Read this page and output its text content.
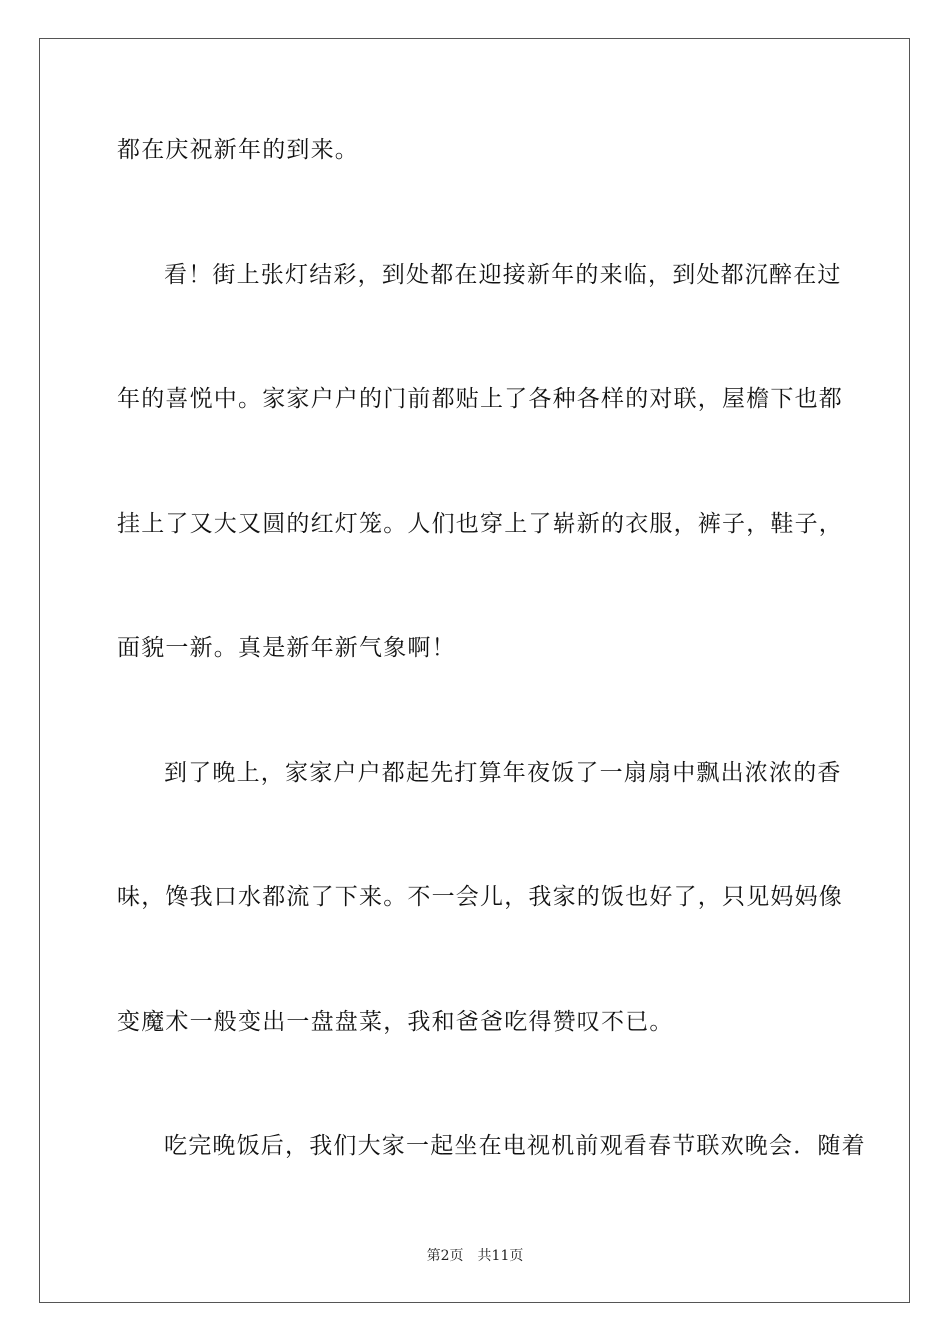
都在庆祝新年的到来。
看！街上张灯结彩，到处都在迎接新年的来临，到处都沉醉在过
年的喜悦中。家家户户的门前都贴上了各种各样的对联，屋檐下也都
挂上了又大又圆的红灯笼。人们也穿上了崭新的衣服，裤子，鞋子，
面貌一新。真是新年新气象啊！
到了晚上，家家户户都起先打算年夜饭了一扇扇中飘出浓浓的香
味，馋我口水都流了下来。不一会儿，我家的饭也好了，只见妈妈像
变魔术一般变出一盘盘菜，我和爸爸吃得赞叹不已。
吃完晚饭后，我们大家一起坐在电视机前观看春节联欢晚会．随着
第2页 共11页
